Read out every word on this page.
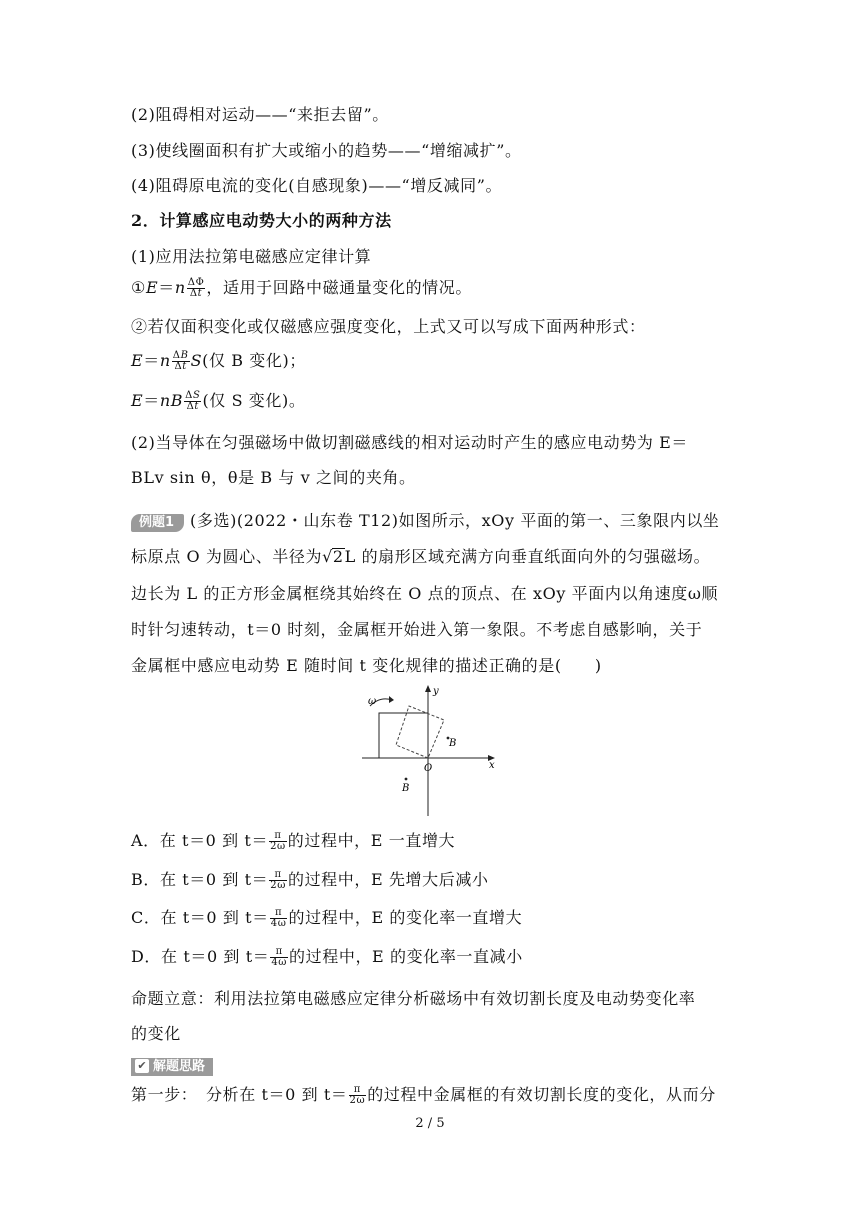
(2)阻碍相对运动——“来拒去留”。
(3)使线圈面积有扩大或缩小的趋势——“增缩减扩”。
(4)阻碍原电流的变化(自感现象)——“增反减同”。
2．计算感应电动势大小的两种方法
(1)应用法拉第电磁感应定律计算
①E＝n $\frac{\Delta\Phi}{\Delta t}$ ，适用于回路中磁通量变化的情况。
②若仅面积变化或仅磁感应强度变化，上式又可以写成下面两种形式：
$E=n \frac{\Delta B}{\Delta t} S$(仅 B 变化)；
$E=nB \frac{\Delta S}{\Delta t}$ (仅 S 变化)。
(2)当导体在匀强磁场中做切割磁感线的相对运动时产生的感应电动势为 E＝
BLv sin θ，θ是 B 与 v 之间的夹角。
例题1 (多选)(2022・山东卷 T12)如图所示，xOy 平面的第一、三象限内以坐
标原点 O 为圆心、半径为√2L 的扇形区域充满方向垂直纸面向外的匀强磁场。
边长为 L 的正方形金属框绕其始终在 O 点的顶点、在 xOy 平面内以角速度ω顺
时针匀速转动，t＝0 时刻，金属框开始进入第一象限。不考虑自感影响，关于
金属框中感应电动势 E 随时间 t 变化规律的描述正确的是(　　)
y
x
O
B
B
ω
A．在 t＝0 到 $t= \frac{\pi}{2\omega}$ 的过程中，E 一直增大
B．在 t＝0 到 $t= \frac{\pi}{2\omega}$ 的过程中，E 先增大后减小
C．在 t＝0 到 $t= \frac{\pi}{4\omega}$ 的过程中，E 的变化率一直增大
D．在 t＝0 到 $t= \frac{\pi}{4\omega}$ 的过程中，E 的变化率一直减小
命题立意：利用法拉第电磁感应定律分析磁场中有效切割长度及电动势变化率
的变化
✔ 解题思路
第一步：　分析在 t＝0 到 $t= \frac{\pi}{2\omega}$ 的过程中金属框的有效切割长度的变化，从而分
2 / 5
